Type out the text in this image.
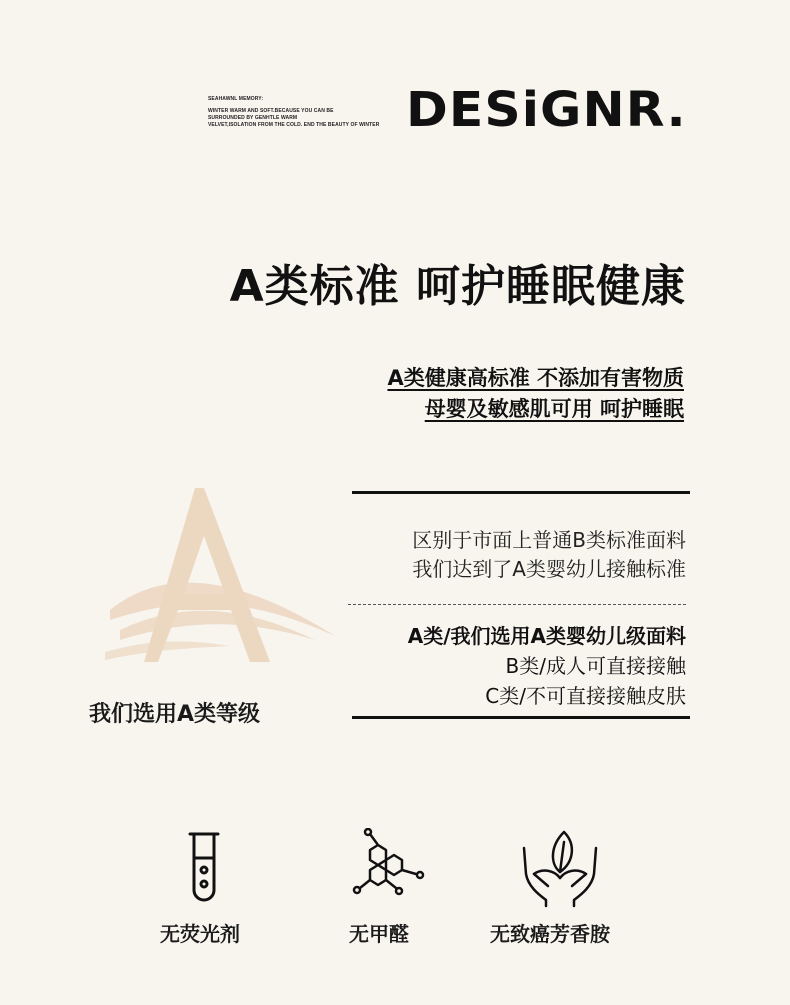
SEAHAWNL MEMORY:
WINTER WARM AND SOFT.BECAUSE YOU CAN BE
SURROUNDED BY GENHTLE WARM
VELVET,ISOLATION FROM THE COLD. END THE BEAUTY OF WINTER DESiGNR.
A类标准 呵护睡眠健康
A类健康高标准 不添加有害物质
母婴及敏感肌可用 呵护睡眠
区别于市面上普通B类标准面料
我们达到了A类婴幼儿接触标准
A类/我们选用A类婴幼儿级面料
B类/成人可直接接触
C类/不可直接接触皮肤
我们选用A类等级
无荧光剂	无甲醛	无致癌芳香胺
